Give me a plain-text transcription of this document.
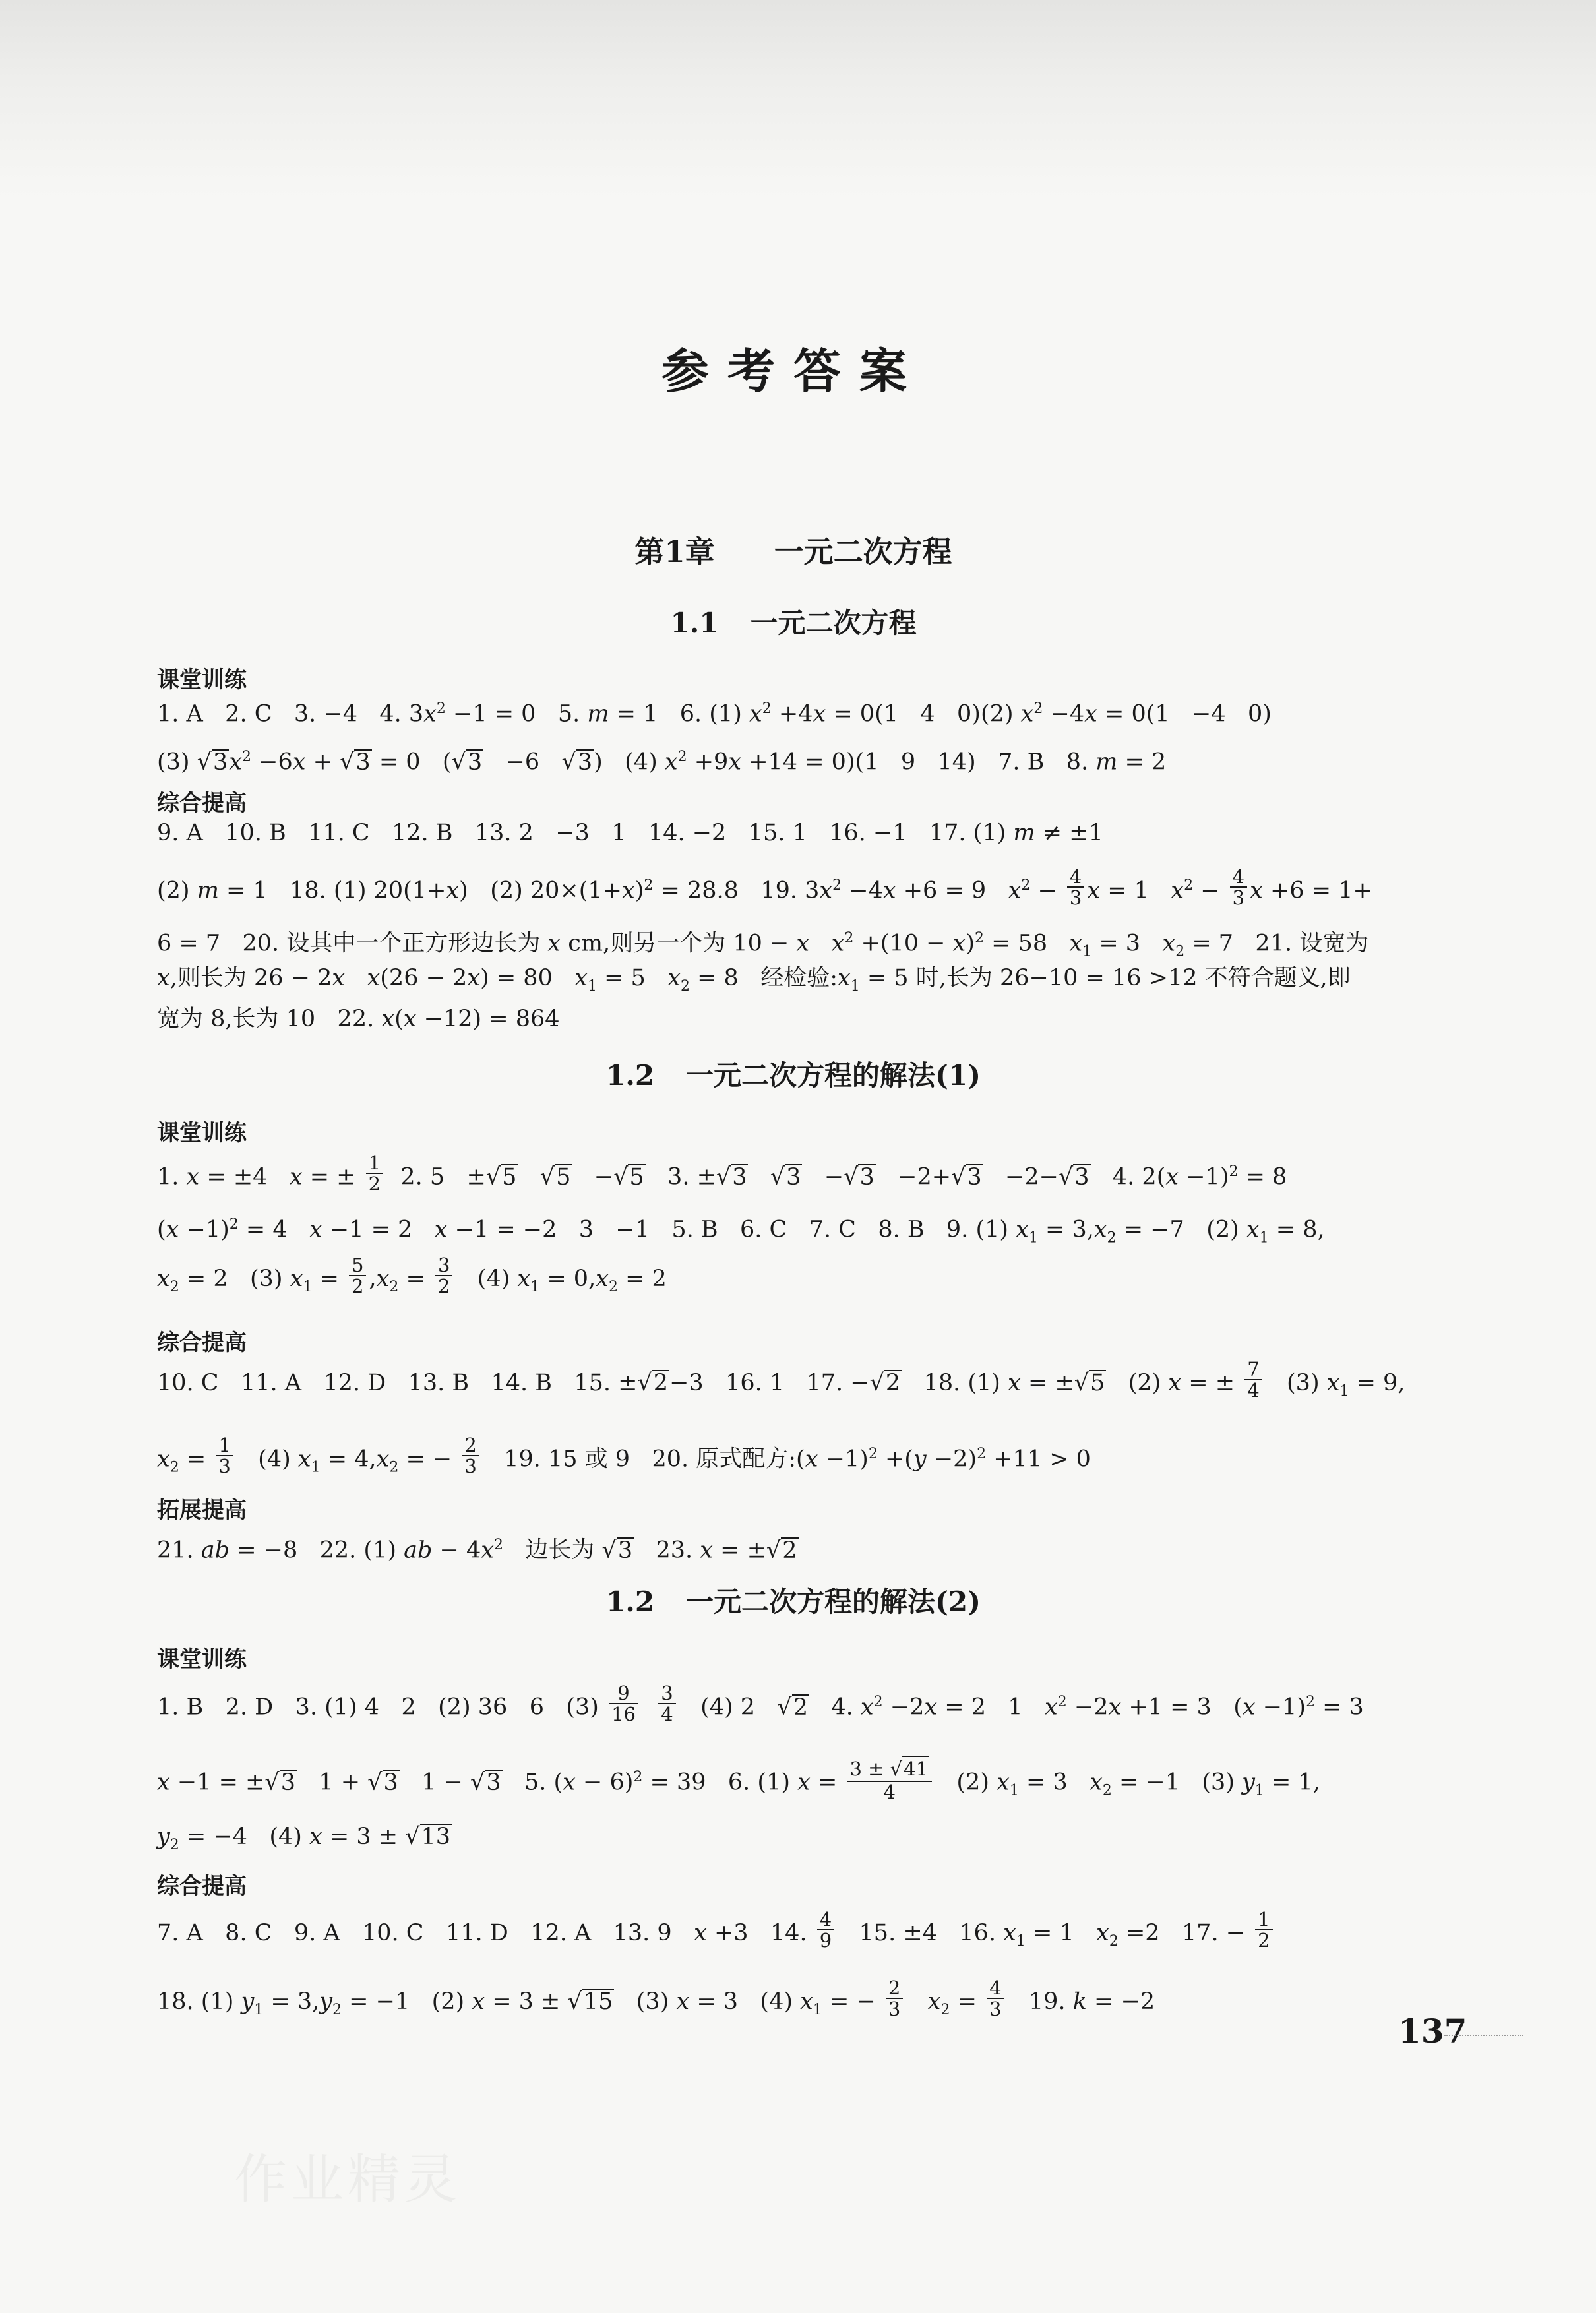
参考答案
第1章 一元二次方程
1.1 一元二次方程
课堂训练
1. A   2. C   3. −4   4. $3x^2 -1 = 0$   5. m = 1   6. (1) $x^2 +4x = 0(1$   4   0)(2) $x^2 -4x = 0(1 -4$   0)
(3) $√3x^2 -6x + √3 = 0$   (√3   −6   √3)   (4) $x^2 +9x +14 = 0)(1$   9   14)   7. B   8. m = 2
综合提高
9. A   10. B   11. C   12. B   13. 2   −3   1   14. −2   15. 1   16. −1   17. (1) m ≠ ±1
(2) m = 1   18. (1) 20(1+x)   (2) $20\times(1+x)^2 = 28.8$   19. $3x^2 -4x +6 = 9$   $x^2 - \frac{4}{3}$ x = 1   $x^2 - \frac{4}{3}$ x +6 = 1+
6 = 7   20. 设其中一个正方形边长为 x cm,则另一个为 10 − x $x^2 +(10 - x)^2 = 58$   $x_1 = 3$   $x_2 = 7$   21. 设宽为
x,则长为 26 − 2x x(26 − 2x) = 80   $x_1 = 5$   $x_2 = 8$   经检验$:x_1 = 5$ 时,长为 26−10 = 16 >12 不符合题义,即
宽为 8,长为 10   22. x(x −12) = 864
1.2 一元二次方程的解法(1)
课堂训练
1. x = ±4   x = ± $\frac{1}{2} 2$. 5   ±√5   √5   −√5   3. ±√3   √3   −√3   −2+√3   −2−√3   4. $2(x -1)^2 = 8$
$(x -1)^2 = 4$   x −1 = 2   x −1 = −2   3   −1   5. B   6. C   7. C   8. B   9. (1) $x_1 = 3,x_2 = -7$   (2) $x_1 = 8$,
$x_2 = 2$   (3) $x_1 = \frac{5}{2} ,x_2 = \frac{3}{2} (4) x_1 = 0,x_2 = 2$
综合提高
10. C   11. A   12. D   13. B   14. B   15. ±√2−3   16. 1   17. −√2   18. (1) x = ±√5   (2) x = ± $\frac{7}{4} (3) x_1 = 9$,
$x_2 = \frac{1}{3} (4) x_1 = 4,x_2$ = − $\frac{2}{3} 19$. 15 或 9   20. 原式配方:(x $-1)^2 +(y -2)^2 +11 > 0$
拓展提高
21. ab = −8   22. (1) ab − $4x^2$   边长为 √3   23. x = ±√2
1.2 一元二次方程的解法(2)
课堂训练
1. B   2. D   3. (1) 4   2   (2) 36   6   $(3) \frac{9}{16}$
$\frac{3}{4} (4)$ 2   √2   4. $x^2 -2x = 2$   1   $x^2 -2x +1 = 3$   $(x -1)^2 = 3$
x −1 = ±√3   1 + √3   1 − √3   5. $(x - 6)^2 = 39$   6. (1) $x = \frac{3 \pm √41}{4} (2) x_1 = 3$   $x_2 = -1$   (3) $y_1 = 1$,
$y_2 = -4$   (4) x = 3 ± √13
综合提高
7. A   8. C   9. A   10. C   11. D   12. A   13. 9   x +3   14. $\frac{4}{9} 15$. ±4   16. $x_1 = 1$   $x_2 =2$   17. − $\frac{1}{2}$
18. (1) $y_1 = 3,y_2 = -1$   (2) x = 3 ± √15   (3) x = 3   (4) $x_1$ = − $\frac{2}{3} x_2 = \frac{4}{3} 19$. k = −2
137
作业精灵
